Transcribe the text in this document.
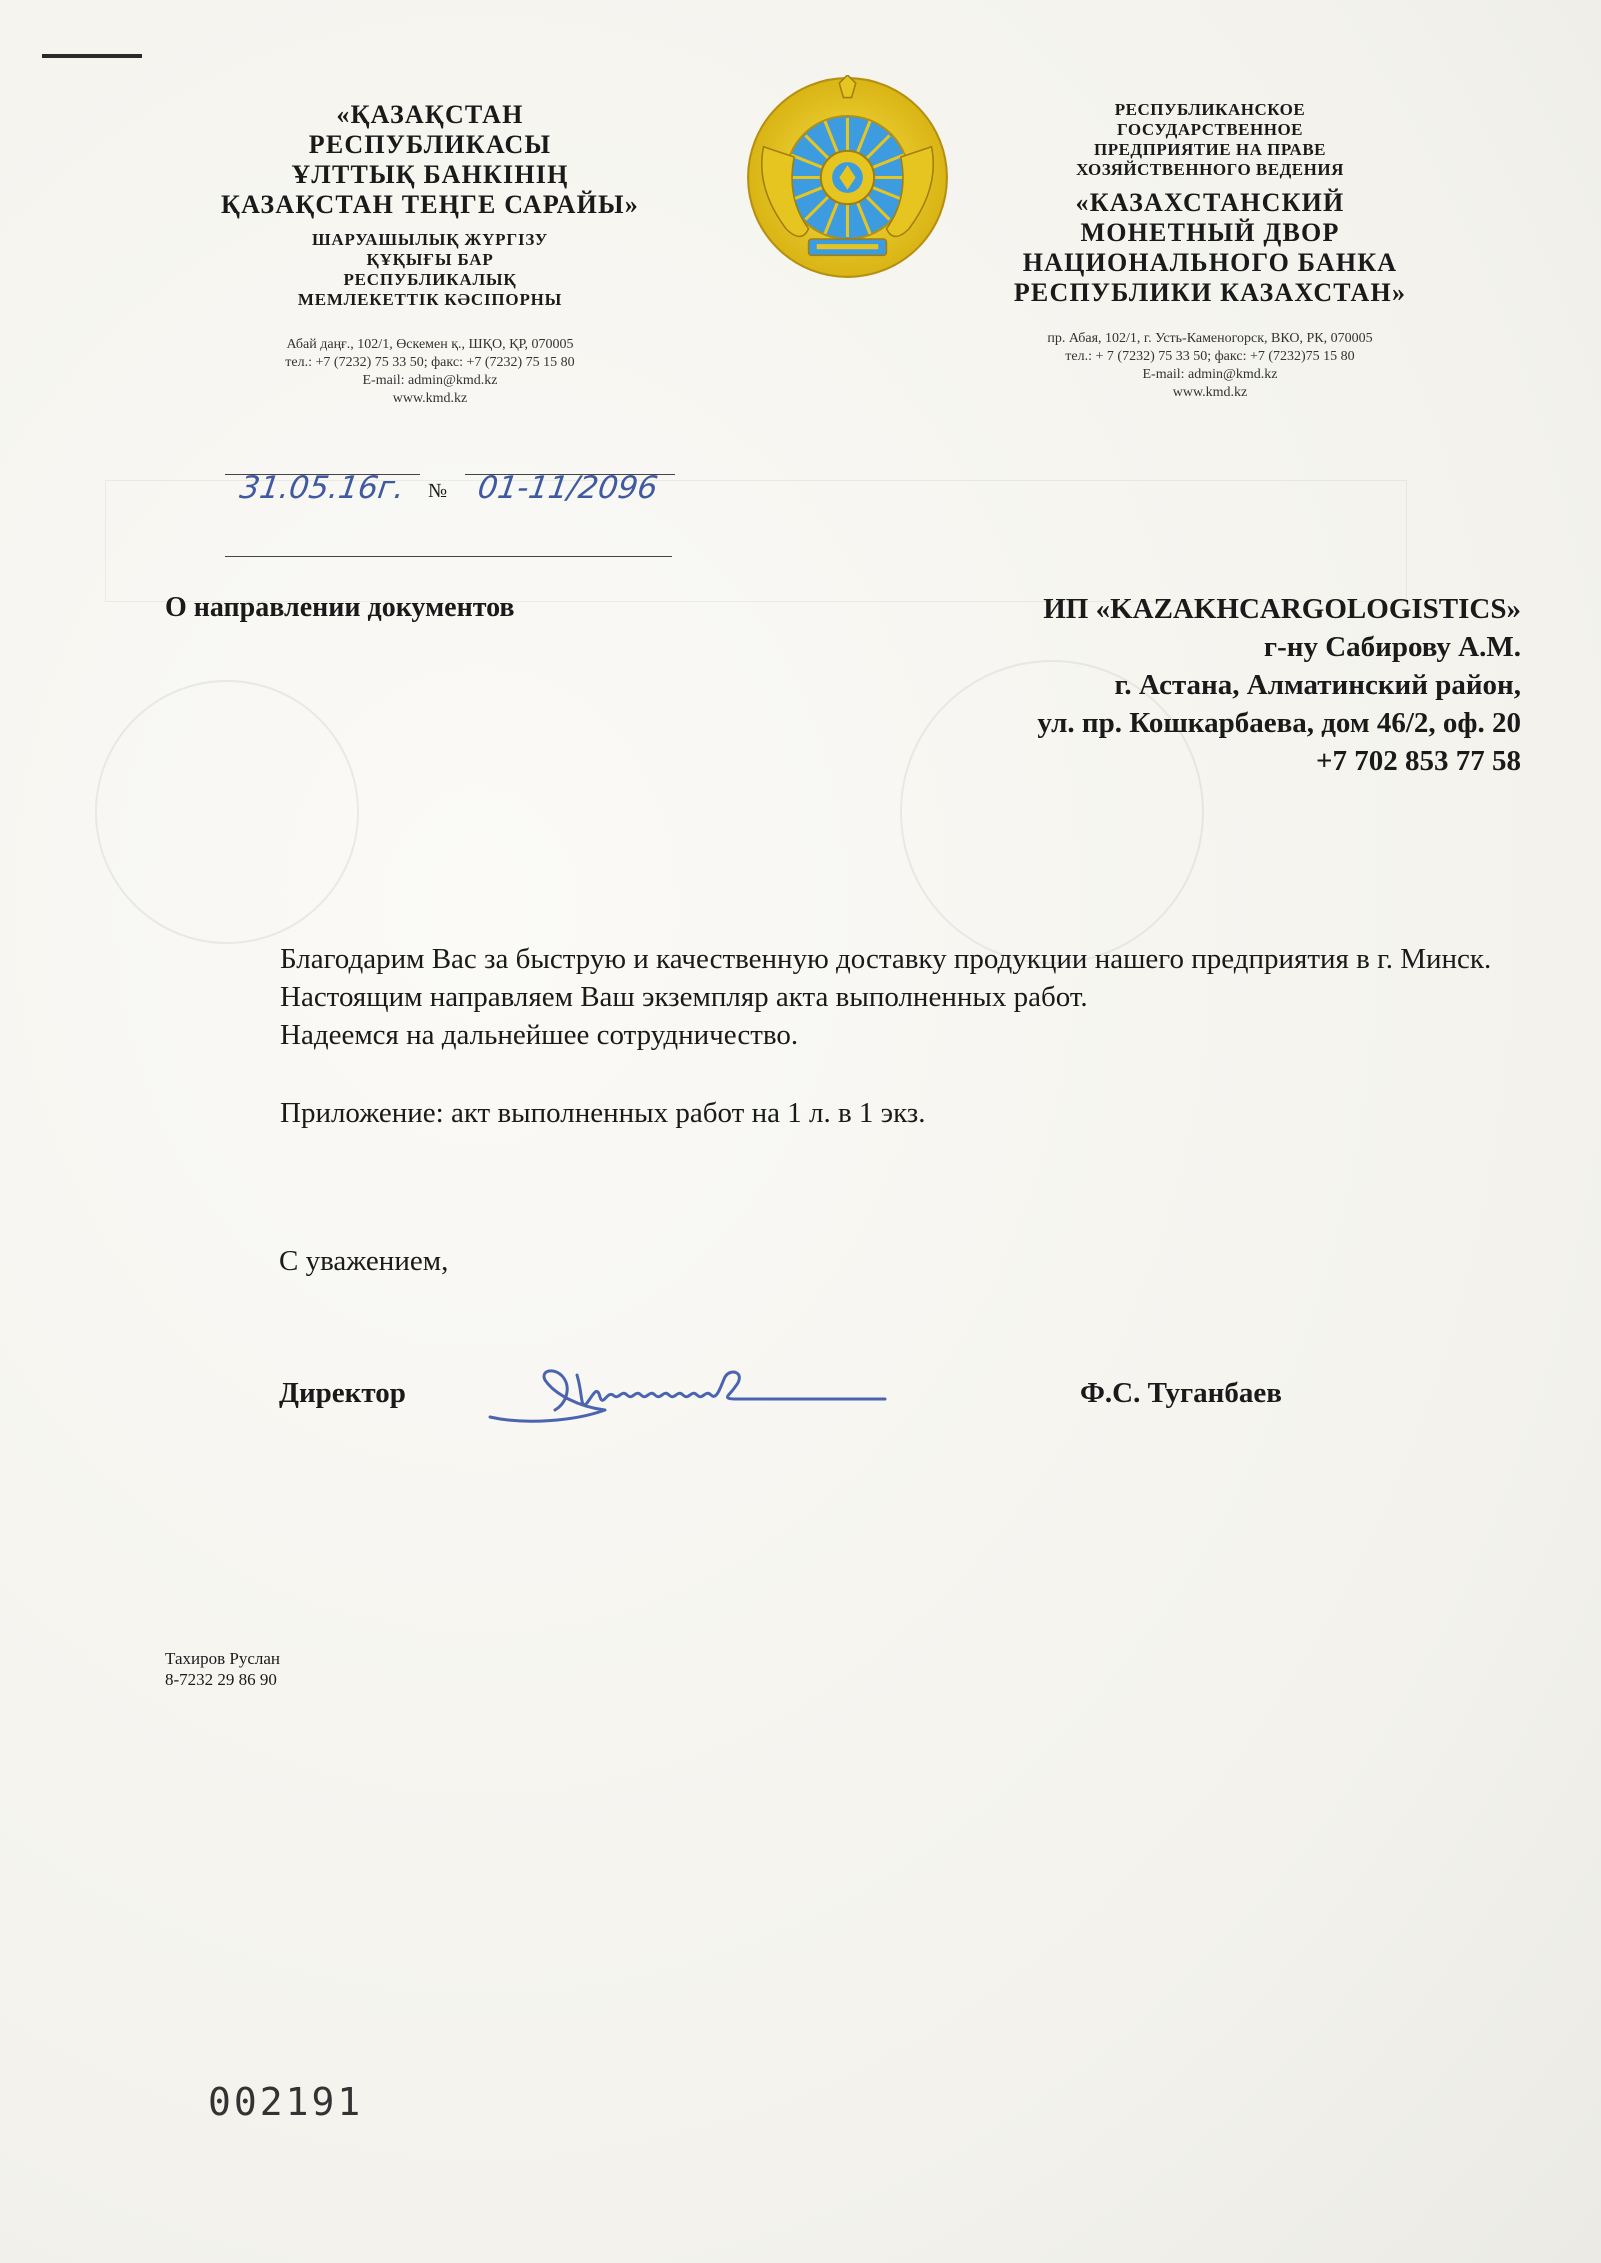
«ҚАЗАҚСТАН
РЕСПУБЛИКАСЫ
ҰЛТТЫҚ БАНКІНІҢ
ҚАЗАҚСТАН ТЕҢГЕ САРАЙЫ»
ШАРУАШЫЛЫҚ ЖҮРГІЗУ
ҚҰҚЫҒЫ БАР
РЕСПУБЛИКАЛЫҚ
МЕМЛЕКЕТТІК КӘСІПОРНЫ
Абай даңғ., 102/1, Өскемен қ., ШҚО, ҚР, 070005
тел.: +7 (7232) 75 33 50; факс: +7 (7232) 75 15 80
E-mail: admin@kmd.kz
www.kmd.kz
РЕСПУБЛИКАНСКОЕ
ГОСУДАРСТВЕННОЕ
ПРЕДПРИЯТИЕ НА ПРАВЕ
ХОЗЯЙСТВЕННОГО ВЕДЕНИЯ
«КАЗАХСТАНСКИЙ
МОНЕТНЫЙ ДВОР
НАЦИОНАЛЬНОГО БАНКА
РЕСПУБЛИКИ КАЗАХСТАН»
пр. Абая, 102/1, г. Усть-Каменогорск, ВКО, РК, 070005
тел.: + 7 (7232) 75 33 50; факс: +7 (7232)75 15 80
E-mail: admin@kmd.kz
www.kmd.kz
31.05.16г. № 01-11/2096
О направлении документов	ИП «KAZAKHCARGOLOGISTICS»
г-ну Сабирову А.М.
г. Астана, Алматинский район,
ул. пр. Кошкарбаева, дом 46/2, оф. 20
+7 702 853 77 58

Благодарим Вас за быструю и качественную доставку продукции нашего предприятия в г. Минск.

Настоящим направляем Ваш экземпляр акта выполненных работ.

Надеемся на дальнейшее сотрудничество.

Приложение: акт выполненных работ на 1 л. в 1 экз.

С уважением,
Директор	Ф.С. Туганбаев
Тахиров Руслан
8-7232 29 86 90
002191
